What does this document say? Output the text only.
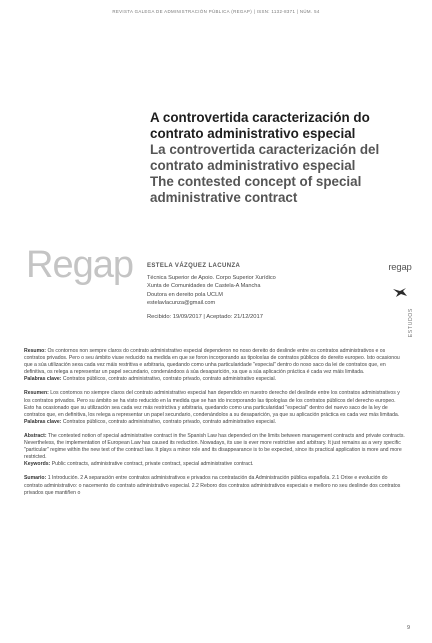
REVISTA GALEGA DE ADMINISTRACIÓN PÚBLICA (REGAP) | ISSN: 1132-8371 | NÚM. 54
A controvertida caracterización do contrato administrativo especial
La controvertida caracterización del contrato administrativo especial
The contested concept of special administrative contract
Regap ESTELA VÁZQUEZ LACUNZA
Técnica Superior de Apoio. Corpo Superior Xurídico
Xunta de Comunidades de Castela-A Mancha
Doutora en dereito pola UCLM
estelavlacunza@gmail.com
Recibido: 19/09/2017 | Aceptado: 21/12/2017
regap
ESTUDOS

Resumo: Os contornos non sempre claros do contrato administrativo especial dependeron no noso dereito do deslinde entre os contratos administrativos e os contratos privados. Pero o seu ámbito viuse reducido na medida en que se foron incorporando as tipoloxías de contratos públicos do dereito europeo. Isto ocasionou que a súa utilización sexa cada vez máis restritiva e arbitraria, quedando como unha particularidade "especial" dentro do noso saco da lei de contratos que, en definitiva, os relega a representar un papel secundario, condenándoos á súa desaparición, xa que a súa aplicación práctica é cada vez máis limitada.

Palabras clave: Contratos públicos, contrato administrativo, contrato privado, contrato administrativo especial.

Resumen: Los contornos no siempre claros del contrato administrativo especial han dependido en nuestro derecho del deslinde entre los contratos administrativos y los contratos privados. Pero su ámbito se ha visto reducido en la medida que se han ido incorporando las tipologías de los contratos públicos del derecho europeo. Esto ha ocasionado que su utilización sea cada vez más restrictiva y arbitraria, quedando como una particularidad "especial" dentro del nuevo saco de la ley de contratos que, en definitiva, los relega a representar un papel secundario, condenándolos a su desaparición, ya que su aplicación práctica es cada vez más limitada.

Palabras clave: Contratos públicos, contrato administrativo, contrato privado, contrato administrativo especial.

Abstract: The contested notion of special administrative contract in the Spanish Law has depended on the limits between management contracts and private contracts. Nevertheless, the implementation of European Law has caused its reduction. Nowadays, its use is ever more restrictive and arbitrary. It just remains as a very specific "particular" regime within the new text of the contract law. It plays a minor role and its disappearance is to be expected, since its practical application is more and more restricted.

Keywords: Public contracts, administrative contract, private contract, special administrative contract.

Sumario: 1 Introdución. 2 A separación entre contratos administrativos e privados na contratación da Administración pública española. 2.1 Orixe e evolución do contrato administrativo: o nacemento do contrato administrativo especial. 2.2 Reboro dos contratos administrativos especiais e melloro no seu deslinde dos contratos privados que mantiñen o

9
